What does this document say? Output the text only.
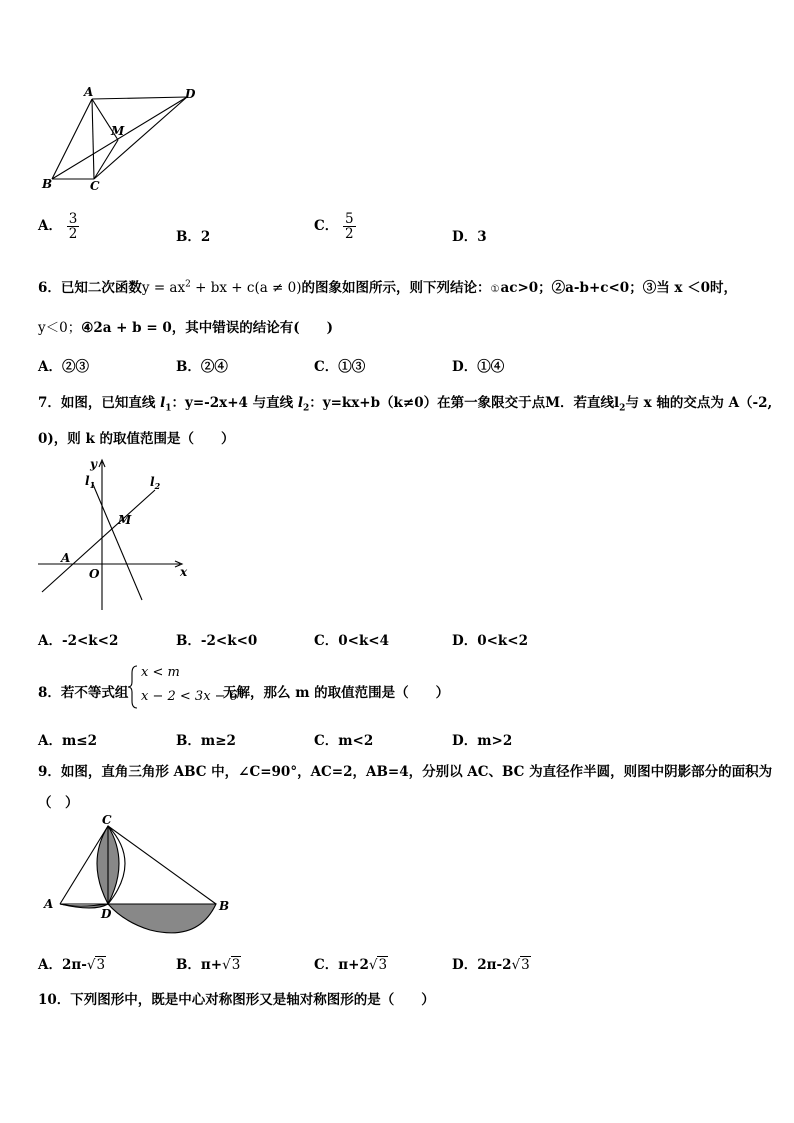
A	D
M
B	C
A． $\frac{3}{2}$	B．2
C． $\frac{5}{2}$	D．3
6．已知二次函数$y = ax^2$ + bx + c(a ≠ 0)的图象如图所示，则下列结论：①ac>0；②a-b+c<0；③当 x ＜0时，
y＜0；④2a + b = 0，其中错误的结论有(　　)
A．②③	B．②④	C．①③	D．①④
7．如图，已知直线 $l_1$：y=-2x+4 与直线 $l_2$：y=kx+b（k≠0）在第一象限交于点M．若直线$l_2$与 x 轴的交点为 A（-2,
0)，则 k 的取值范围是（　　）
y
x
O
A
M
$l_1$	$l_2$
A．-2<k<2	B．-2<k<0	C．0<k<4	D．0<k<2
8．若不等式组
x < m
x − 2 < 3x − 6
无解，那么 m 的取值范围是（　　）
A．m≤2	B．m≥2	C．m<2	D．m>2
9．如图，直角三角形 ABC 中，∠C=90°，AC=2，AB=4，分别以 AC、BC 为直径作半圆，则图中阴影部分的面积为
（　）
C
A
D
B
A．2π-√3	B．π+√3	C．π+2√3	D．2π-2√3
10．下列图形中，既是中心对称图形又是轴对称图形的是（　　）
